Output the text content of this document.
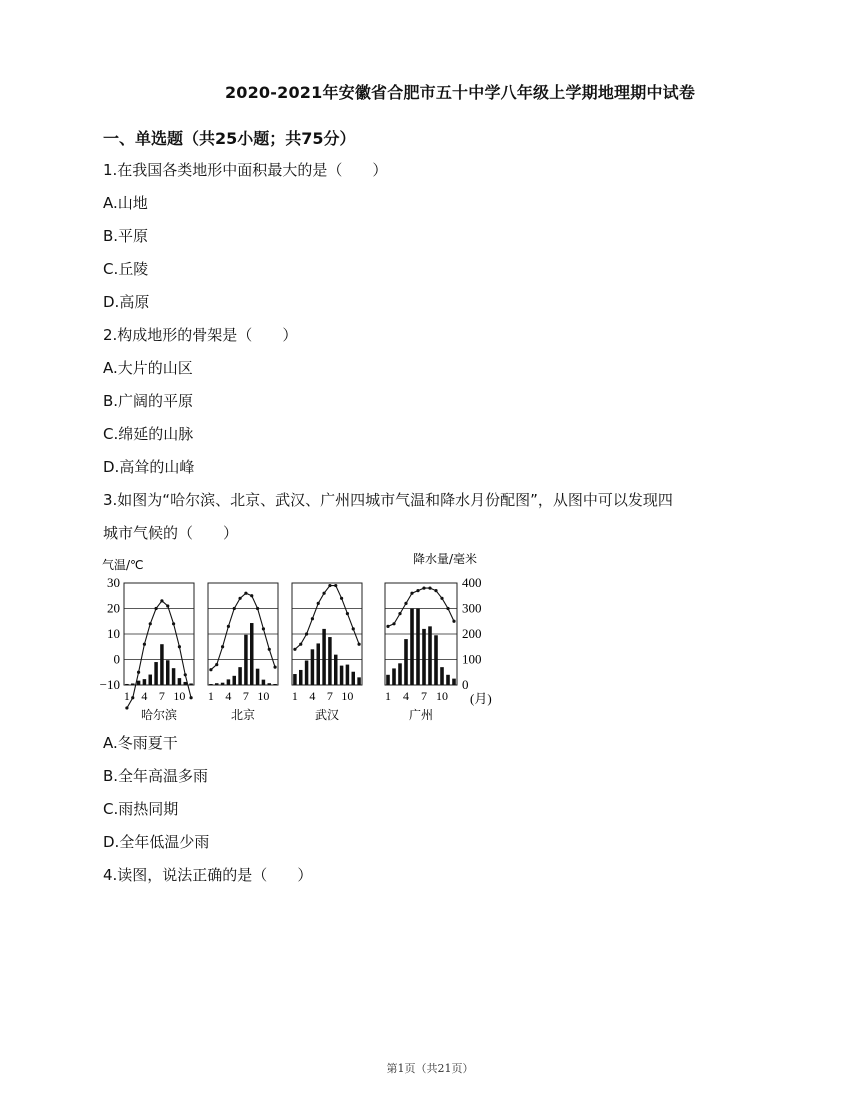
2020-2021年安徽省合肥市五十中学八年级上学期地理期中试卷
一、单选题（共25小题；共75分）
1.在我国各类地形中面积最大的是（　　）
A.山地
B.平原
C.丘陵
D.高原
2.构成地形的骨架是（　　）
A.大片的山区
B.广阔的平原
C.绵延的山脉
D.高耸的山峰
3.如图为“哈尔滨、北京、武汉、广州四城市气温和降水月份配图”，从图中可以发现四
城市气候的（　　）
气温/℃	降水量/毫米
30
20
10
0
−10
400
300
200
100
0
(月)
1 4 7 10
哈尔滨
1 4 7 10
北京
1 4 7 10
武汉
1 4 7 10
广州
A.冬雨夏干
B.全年高温多雨
C.雨热同期
D.全年低温少雨
4.读图，说法正确的是（　　）
第1页（共21页）
